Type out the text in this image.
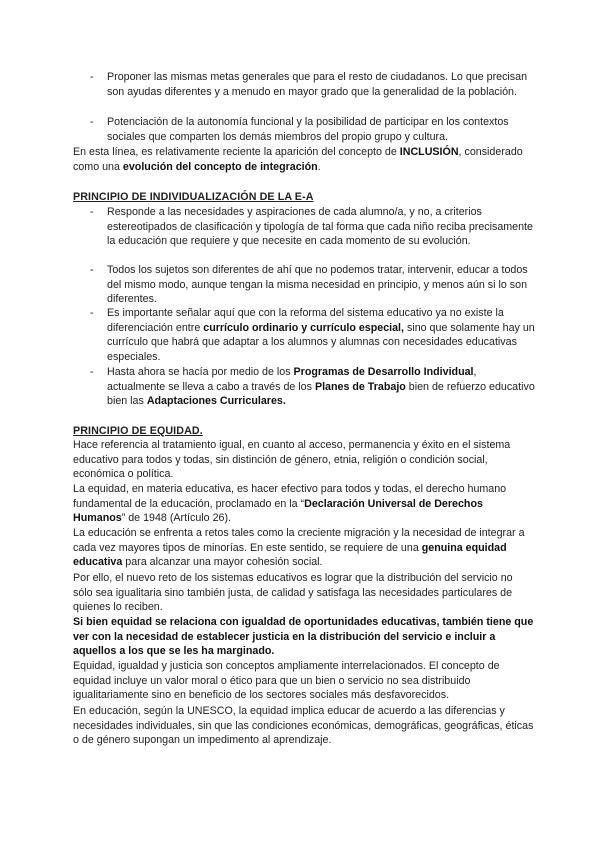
- Proponer las mismas metas generales que para el resto de ciudadanos. Lo que precisan son ayudas diferentes y a menudo en mayor grado que la generalidad de la población.
- Potenciación de la autonomía funcional y la posibilidad de participar en los contextos sociales que comparten los demás miembros del propio grupo y cultura.
En esta línea, es relativamente reciente la aparición del concepto de INCLUSIÓN, considerado como una evolución del concepto de integración.
PRINCIPIO DE INDIVIDUALIZACIÓN DE LA E-A
- Responde a las necesidades y aspiraciones de cada alumno/a, y no, a criterios estereotipados de clasificación y tipología de tal forma que cada niño reciba precisamente la educación que requiere y que necesite en cada momento de su evolución.
- Todos los sujetos son diferentes de ahí que no podemos tratar, intervenir, educar a todos del mismo modo, aunque tengan la misma necesidad en principio, y menos aún si lo son diferentes.
- Es importante señalar aquí que con la reforma del sistema educativo ya no existe la diferenciación entre currículo ordinario y currículo especial, sino que solamente hay un currículo que habrá que adaptar a los alumnos y alumnas con necesidades educativas especiales.
- Hasta ahora se hacía por medio de los Programas de Desarrollo Individual, actualmente se lleva a cabo a través de los Planes de Trabajo bien de refuerzo educativo bien las Adaptaciones Curriculares.
PRINCIPIO DE EQUIDAD.
Hace referencia al tratamiento igual, en cuanto al acceso, permanencia y éxito en el sistema educativo para todos y todas, sin distinción de género, etnia, religión o condición social, económica o política.
La equidad, en materia educativa, es hacer efectivo para todos y todas, el derecho humano fundamental de la educación, proclamado en la “Declaración Universal de Derechos Humanos” de 1948 (Artículo 26).
La educación se enfrenta a retos tales como la creciente migración y la necesidad de integrar a cada vez mayores tipos de minorías. En este sentido, se requiere de una genuina equidad educativa para alcanzar una mayor cohesión social.
Por ello, el nuevo reto de los sistemas educativos es lograr que la distribución del servicio no sólo sea igualitaria sino también justa, de calidad y satisfaga las necesidades particulares de quienes lo reciben.
Si bien equidad se relaciona con igualdad de oportunidades educativas, también tiene que ver con la necesidad de establecer justicia en la distribución del servicio e incluir a aquellos a los que se les ha marginado.
Equidad, igualdad y justicia son conceptos ampliamente interrelacionados. El concepto de equidad incluye un valor moral o ético para que un bien o servicio no sea distribuido igualitariamente sino en beneficio de los sectores sociales más desfavorecidos.
En educación, según la UNESCO, la equidad implica educar de acuerdo a las diferencias y necesidades individuales, sin que las condiciones económicas, demográficas, geográficas, éticas o de género supongan un impedimento al aprendizaje.
